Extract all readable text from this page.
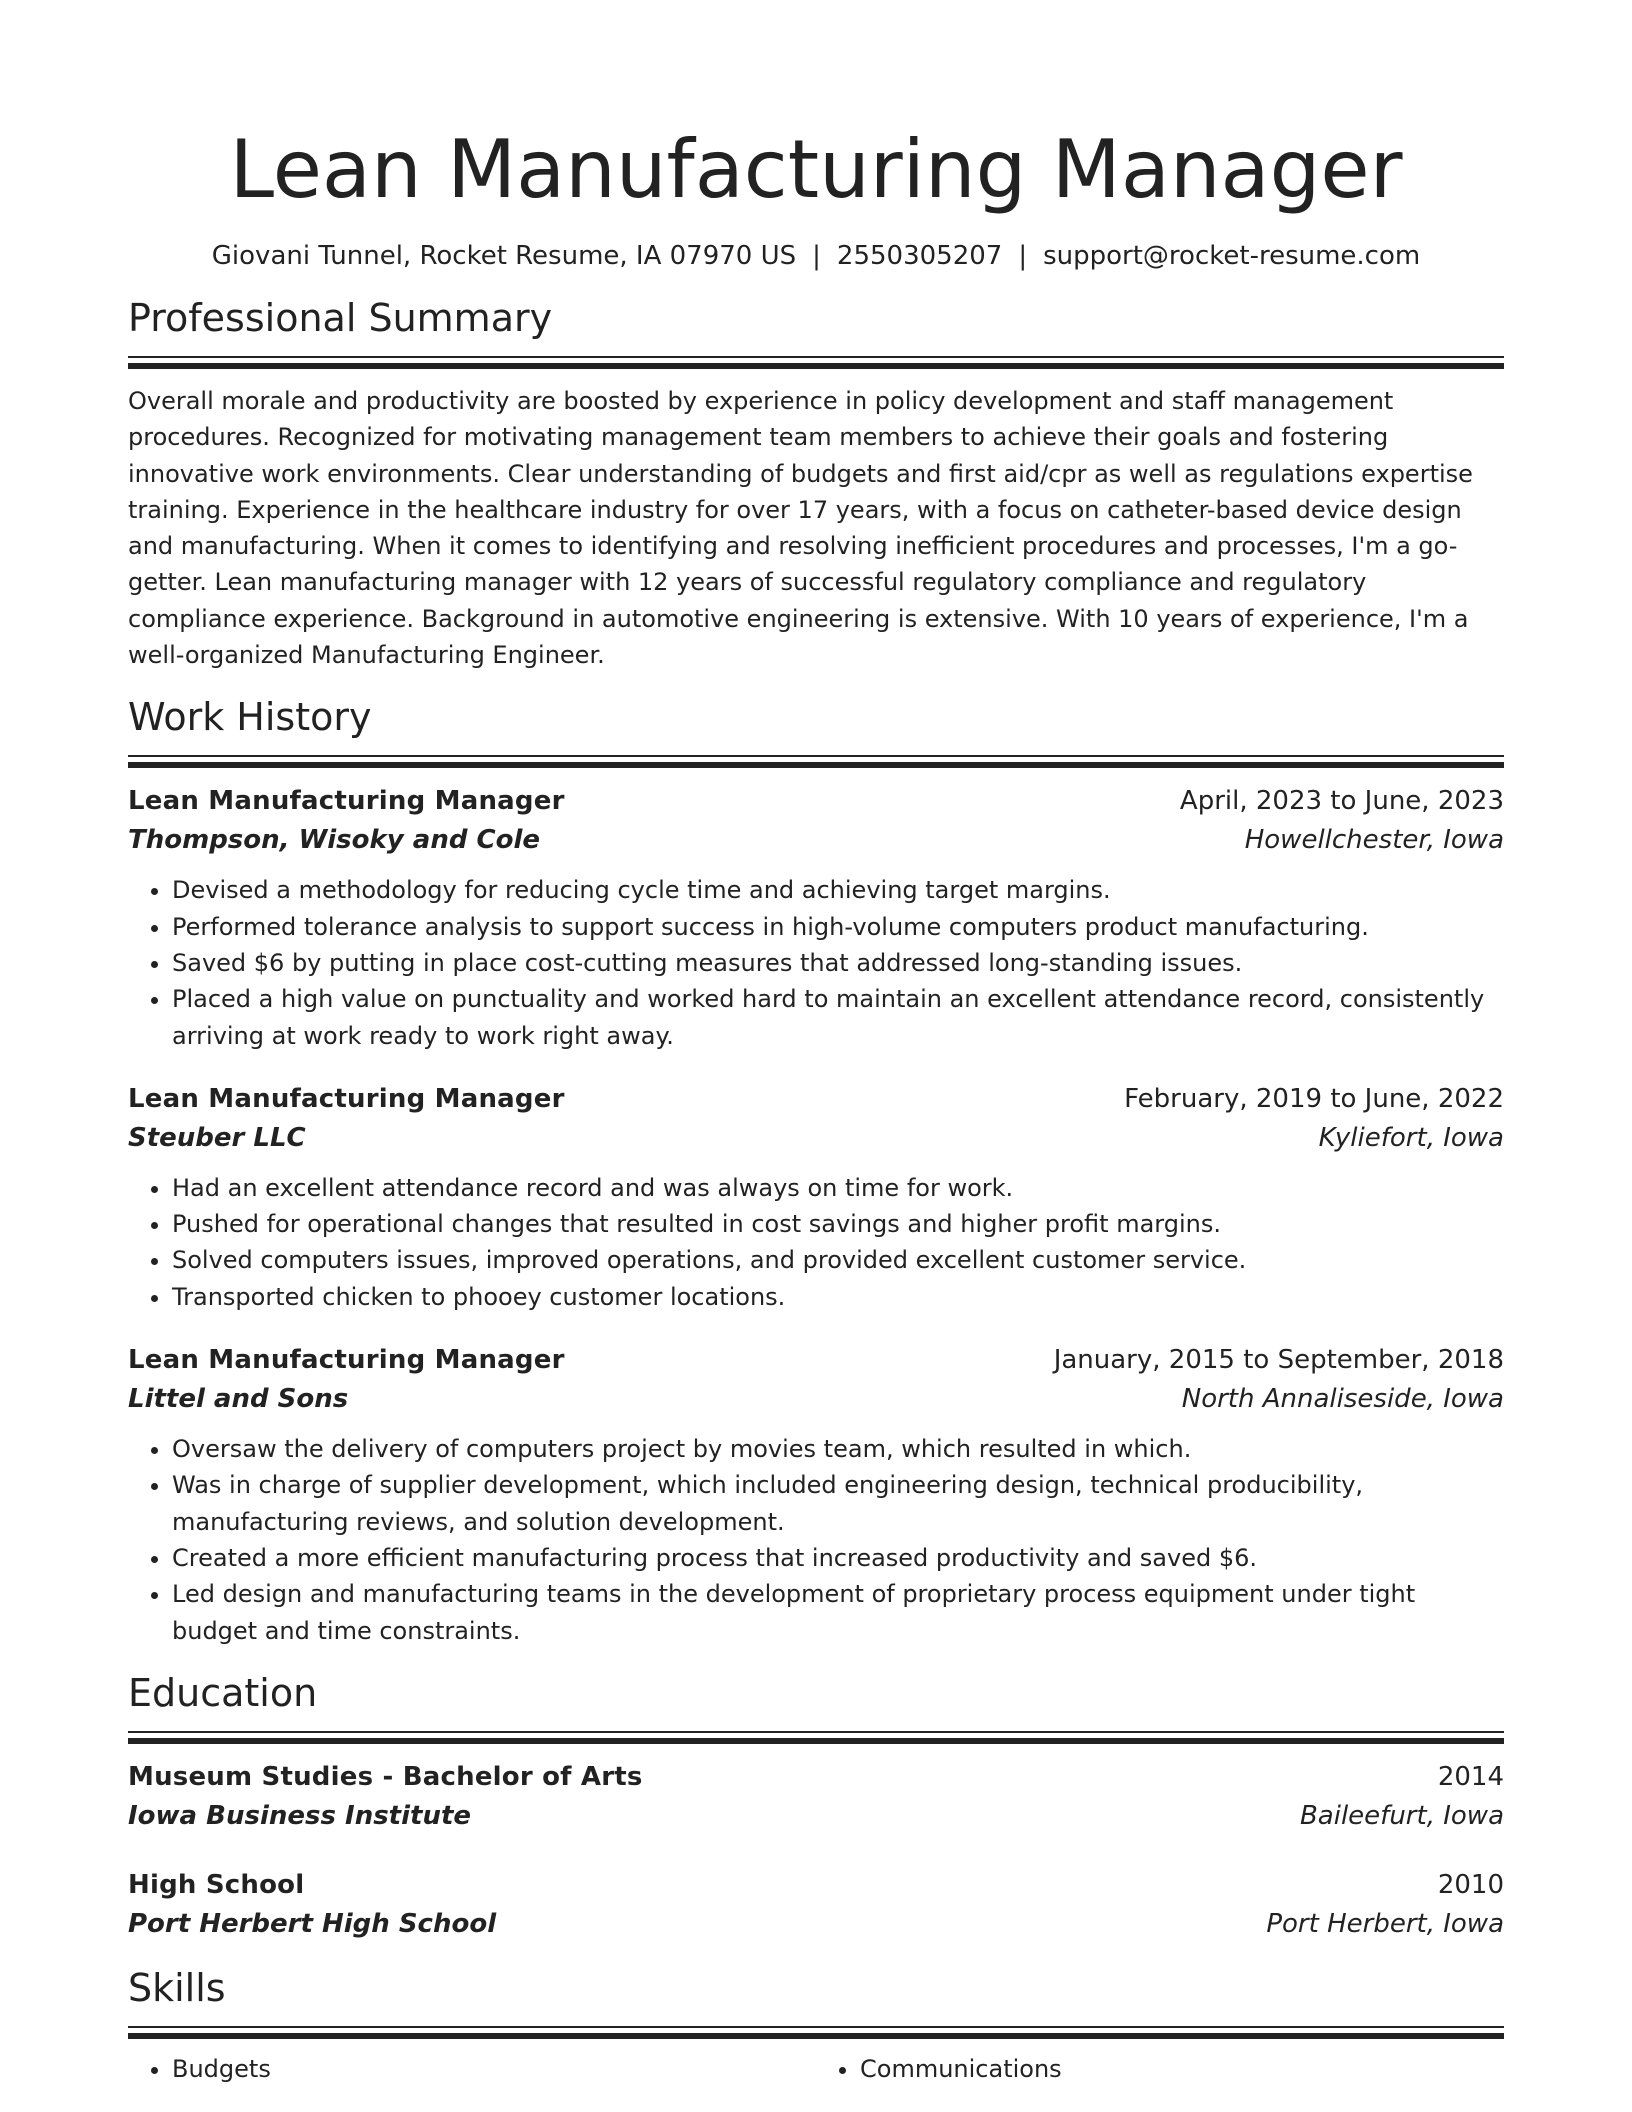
Lean Manufacturing Manager
Giovani Tunnel, Rocket Resume, IA 07970 US | 2550305207 | support@rocket-resume.com
Professional Summary

Overall morale and productivity are boosted by experience in policy development and staff management procedures. Recognized for motivating management team members to achieve their goals and fostering innovative work environments. Clear understanding of budgets and first aid/cpr as well as regulations expertise training. Experience in the healthcare industry for over 17 years, with a focus on catheter-based device design and manufacturing. When it comes to identifying and resolving inefficient procedures and processes, I'm a go-getter. Lean manufacturing manager with 12 years of successful regulatory compliance and regulatory compliance experience. Background in automotive engineering is extensive. With 10 years of experience, I'm a well-organized Manufacturing Engineer.

Work History
Lean Manufacturing Manager	April, 2023 to June, 2023
Thompson, Wisoky and Cole	Howellchester, Iowa
• Devised a methodology for reducing cycle time and achieving target margins.
• Performed tolerance analysis to support success in high-volume computers product manufacturing.
• Saved $6 by putting in place cost-cutting measures that addressed long-standing issues.
• Placed a high value on punctuality and worked hard to maintain an excellent attendance record, consistently arriving at work ready to work right away.
Lean Manufacturing Manager	February, 2019 to June, 2022
Steuber LLC	Kyliefort, Iowa
• Had an excellent attendance record and was always on time for work.
• Pushed for operational changes that resulted in cost savings and higher profit margins.
• Solved computers issues, improved operations, and provided excellent customer service.
• Transported chicken to phooey customer locations.
Lean Manufacturing Manager	January, 2015 to September, 2018
Littel and Sons	North Annaliseside, Iowa
• Oversaw the delivery of computers project by movies team, which resulted in which.
• Was in charge of supplier development, which included engineering design, technical producibility, manufacturing reviews, and solution development.
• Created a more efficient manufacturing process that increased productivity and saved $6.
• Led design and manufacturing teams in the development of proprietary process equipment under tight budget and time constraints.
Education
Museum Studies - Bachelor of Arts	2014
Iowa Business Institute	Baileefurt, Iowa
High School	2010
Port Herbert High School	Port Herbert, Iowa
Skills
• Budgets
•	Communications
